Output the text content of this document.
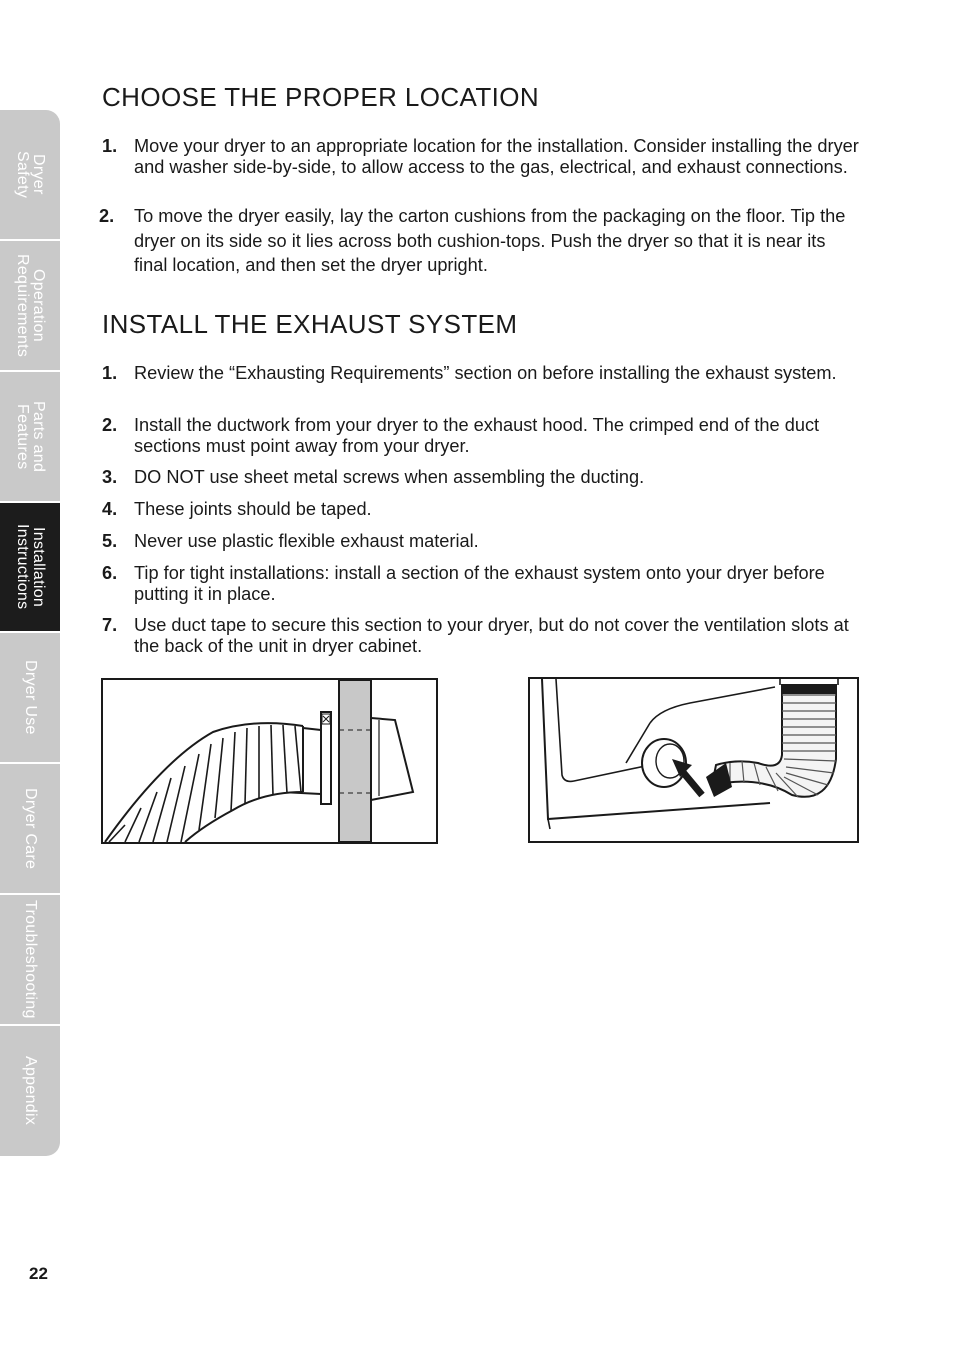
Dryer
Safety
Operation
Requirements
Parts and
Features
Installation
Instructions
Dryer Use
Dryer Care
Troubleshooting
Appendix
CHOOSE THE PROPER LOCATION
1. Move your dryer to an appropriate location for the installation. Consider installing the dryer and washer side-by-side, to allow access to the gas, electrical, and exhaust connections.
2. To move the dryer easily, lay the carton cushions from the packaging on the floor. Tip the dryer on its side so it lies across both cushion-tops. Push the dryer so that it is near its final location, and then set the dryer upright.
INSTALL THE EXHAUST SYSTEM
1. Review the “Exhausting Requirements” section on before installing the exhaust system.
2. Install the ductwork from your dryer to the exhaust hood. The crimped end of the duct sections must point away from your dryer.
3. DO NOT use sheet metal screws when assembling the ducting.
4. These joints should be taped.
5. Never use plastic flexible exhaust material.
6. Tip for tight installations: install a section of the exhaust system onto your dryer before putting it in place.
7. Use duct tape to secure this section to your dryer, but do not cover the ventilation slots at the back of the unit in dryer cabinet.
22
